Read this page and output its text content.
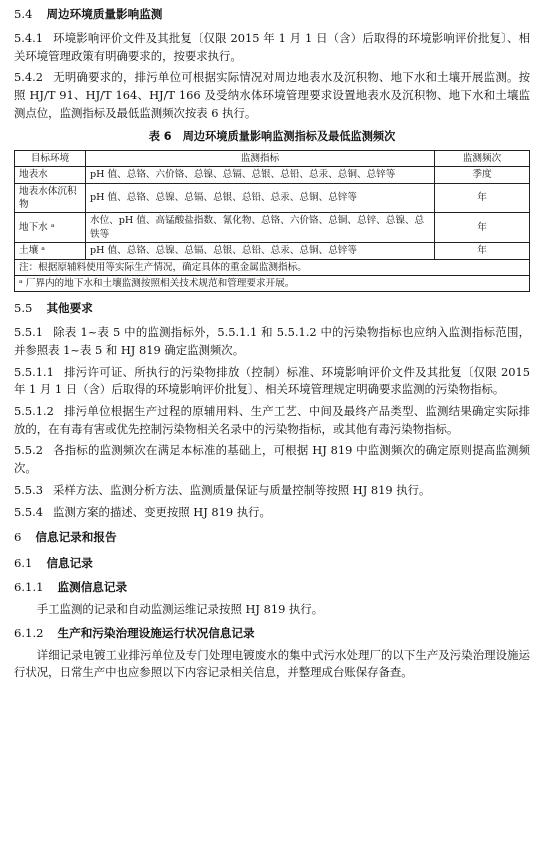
5.4 周边环境质量影响监测

5.4.1 环境影响评价文件及其批复〔仅限 2015 年 1 月 1 日（含）后取得的环境影响评价批复〕、相关环境管理政策有明确要求的，按要求执行。

5.4.2 无明确要求的，排污单位可根据实际情况对周边地表水及沉积物、地下水和土壤开展监测。按照 HJ/T 91、HJ/T 164、HJ/T 166 及受纳水体环境管理要求设置地表水及沉积物、地下水和土壤监测点位，监测指标及最低监测频次按表 6 执行。

表 6　周边环境质量影响监测指标及最低监测频次
目标环境	监测指标	监测频次
地表水	pH 值、总铬、六价铬、总镍、总镉、总银、总铅、总汞、总铜、总锌等	季度
地表水体沉积物	pH 值、总铬、总镍、总镉、总银、总铅、总汞、总铜、总锌等	年
地下水 ᵃ	水位、pH 值、高锰酸盐指数、氰化物、总铬、六价铬、总铜、总锌、总镍、总铁等	年
土壤 ᵃ	pH 值、总铬、总镍、总镉、总银、总铅、总汞、总铜、总锌等	年
注：根据原辅料使用等实际生产情况，确定具体的重金属监测指标。		
ᵃ 厂界内的地下水和土壤监测按照相关技术规范和管理要求开展。		

5.5 其他要求

5.5.1 除表 1~表 5 中的监测指标外，5.5.1.1 和 5.5.1.2 中的污染物指标也应纳入监测指标范围，并参照表 1~表 5 和 HJ 819 确定监测频次。

5.5.1.1 排污许可证、所执行的污染物排放（控制）标准、环境影响评价文件及其批复〔仅限 2015 年 1 月 1 日（含）后取得的环境影响评价批复〕、相关环境管理规定明确要求监测的污染物指标。

5.5.1.2 排污单位根据生产过程的原辅用料、生产工艺、中间及最终产品类型、监测结果确定实际排放的，在有毒有害或优先控制污染物相关名录中的污染物指标，或其他有毒污染物指标。

5.5.2 各指标的监测频次在满足本标准的基础上，可根据 HJ 819 中监测频次的确定原则提高监测频次。

5.5.3 采样方法、监测分析方法、监测质量保证与质量控制等按照 HJ 819 执行。

5.5.4 监测方案的描述、变更按照 HJ 819 执行。

6 信息记录和报告

6.1 信息记录

6.1.1 监测信息记录

手工监测的记录和自动监测运维记录按照 HJ 819 执行。

6.1.2 生产和污染治理设施运行状况信息记录

详细记录电镀工业排污单位及专门处理电镀废水的集中式污水处理厂的以下生产及污染治理设施运行状况，日常生产中也应参照以下内容记录相关信息，并整理成台账保存备查。
